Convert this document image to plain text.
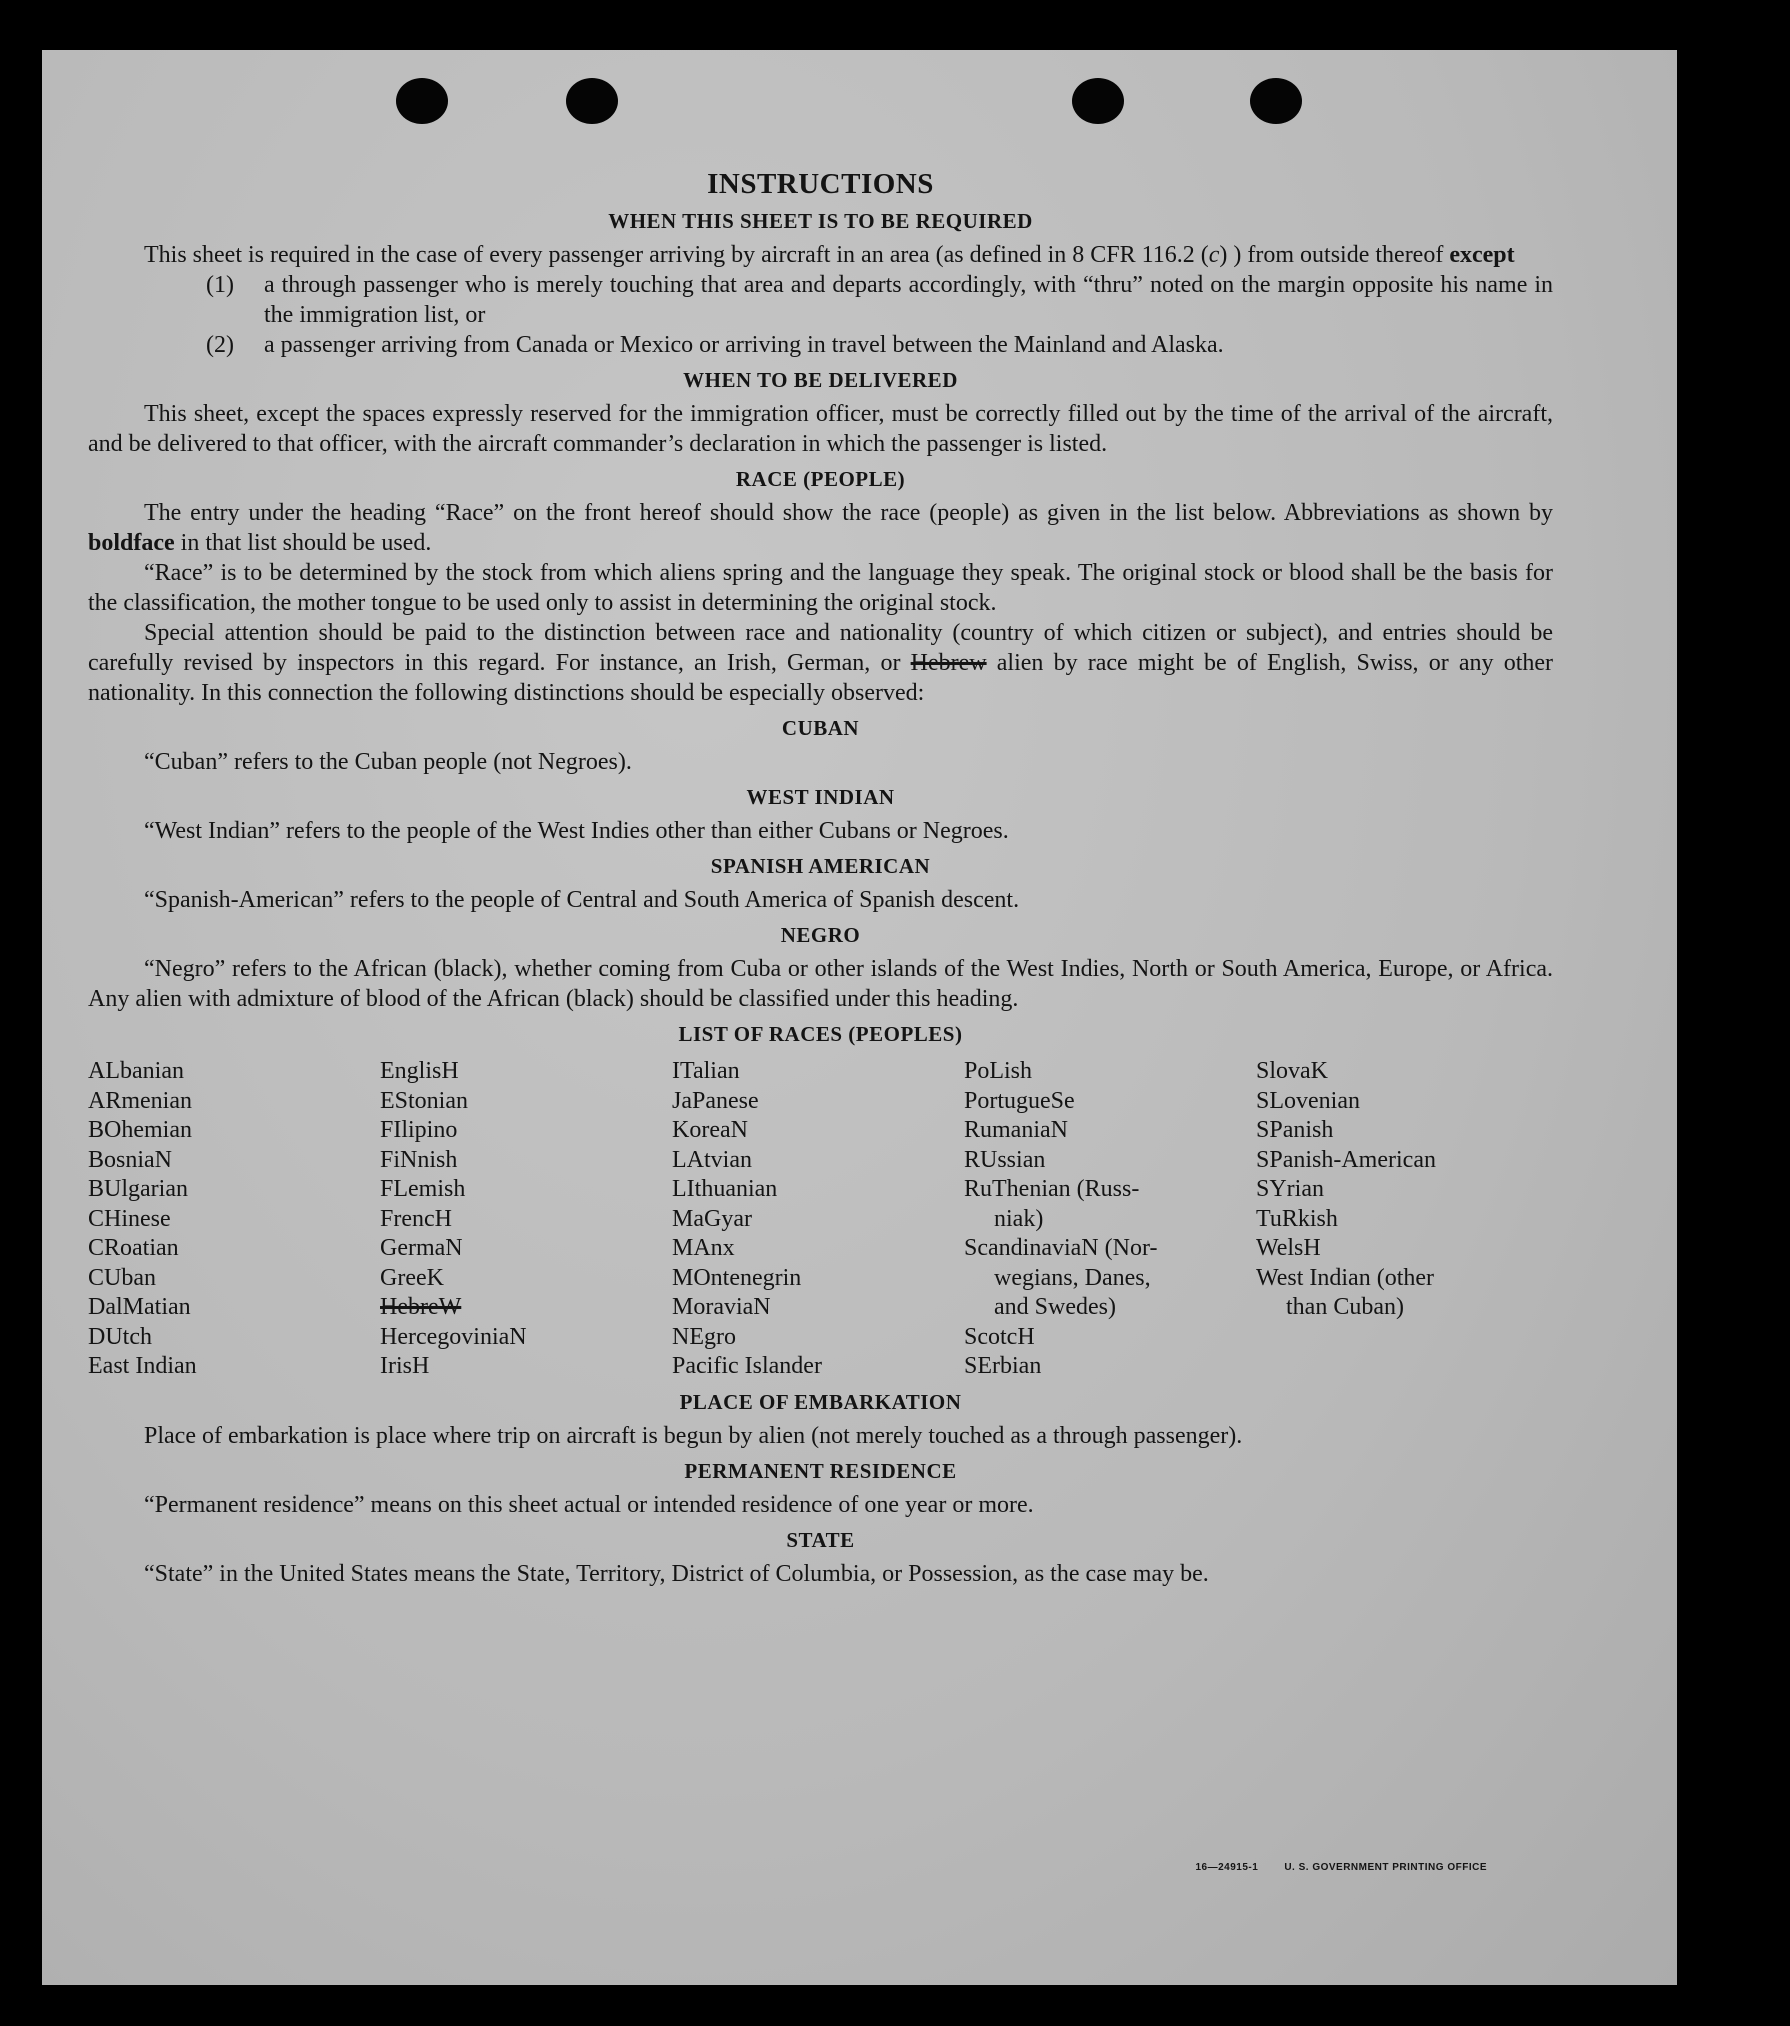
INSTRUCTIONS
WHEN THIS SHEET IS TO BE REQUIRED

This sheet is required in the case of every passenger arriving by aircraft in an area (as defined in 8 CFR 116.2 (c) ) from outside thereof except

(1)	a through passenger who is merely touching that area and departs accordingly, with “thru” noted on the margin opposite his name in the immigration list, or
(2)	a passenger arriving from Canada or Mexico or arriving in travel between the Mainland and Alaska.
WHEN TO BE DELIVERED

This sheet, except the spaces expressly reserved for the immigration officer, must be correctly filled out by the time of the arrival of the aircraft, and be delivered to that officer, with the aircraft commander’s declaration in which the passenger is listed.

RACE (PEOPLE)

The entry under the heading “Race” on the front hereof should show the race (people) as given in the list below. Abbreviations as shown by boldface in that list should be used.

“Race” is to be determined by the stock from which aliens spring and the language they speak. The original stock or blood shall be the basis for the classification, the mother tongue to be used only to assist in determining the original stock.

Special attention should be paid to the distinction between race and nationality (country of which citizen or subject), and entries should be carefully revised by inspectors in this regard. For instance, an Irish, German, or Hebrew alien by race might be of English, Swiss, or any other nationality. In this connection the following distinctions should be especially observed:

CUBAN

“Cuban” refers to the Cuban people (not Negroes).

WEST INDIAN

“West Indian” refers to the people of the West Indies other than either Cubans or Negroes.

SPANISH AMERICAN

“Spanish-American” refers to the people of Central and South America of Spanish descent.

NEGRO

“Negro” refers to the African (black), whether coming from Cuba or other islands of the West Indies, North or South America, Europe, or Africa. Any alien with admixture of blood of the African (black) should be classified under this heading.

LIST OF RACES (PEOPLES)
ALbanian
ARmenian
BOhemian
BosniaN
BUlgarian
CHinese
CRoatian
CUban
DalMatian
DUtch
East Indian
EnglisH
EStonian
FIlipino
FiNnish
FLemish
FrencH
GermaN
GreeK
HebreW
HercegoviniaN
IrisH
ITalian
JaPanese
KoreaN
LAtvian
LIthuanian
MaGyar
MAnx
MOntenegrin
MoraviaN
NEgro
Pacific Islander
PoLish
PortugueSe
RumaniaN
RUssian
RuThenian (Russ-
niak)
ScandinaviaN (Nor-
wegians, Danes,
and Swedes)
ScotcH
SErbian
SlovaK
SLovenian
SPanish
SPanish-American
SYrian
TuRkish
WelsH
West Indian (other
than Cuban)
PLACE OF EMBARKATION

Place of embarkation is place where trip on aircraft is begun by alien (not merely touched as a through passenger).

PERMANENT RESIDENCE

“Permanent residence” means on this sheet actual or intended residence of one year or more.

STATE

“State” in the United States means the State, Territory, District of Columbia, or Possession, as the case may be.

16—24915-1	U. S. GOVERNMENT PRINTING OFFICE
